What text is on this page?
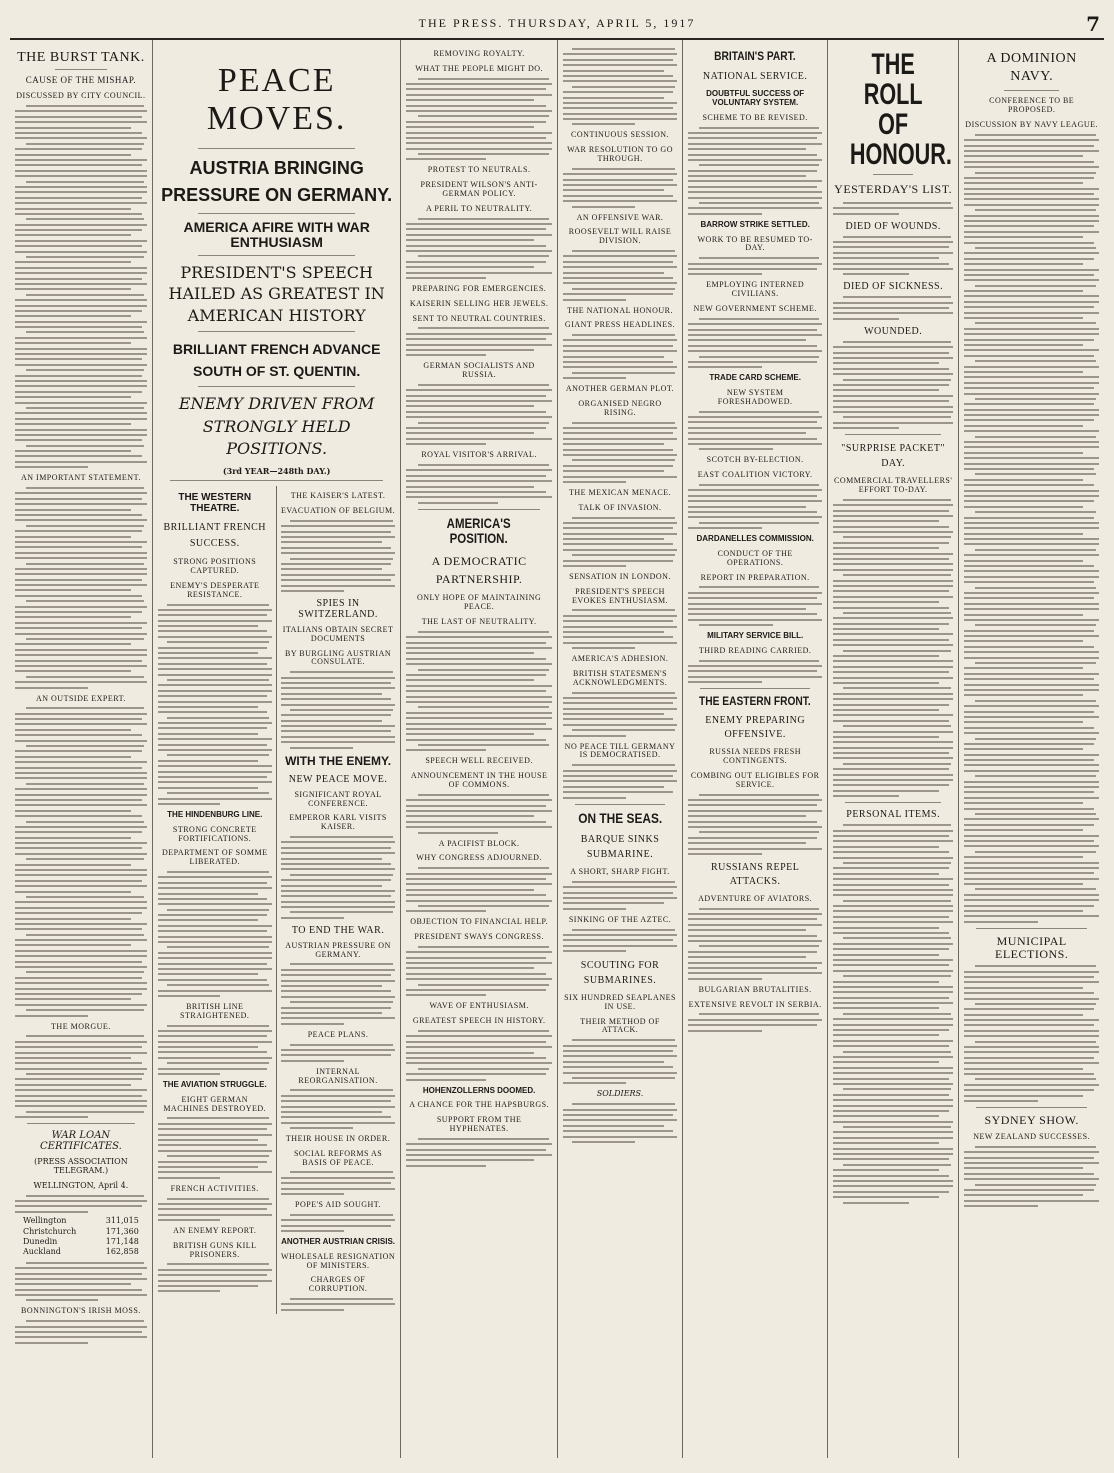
THE PRESS. THURSDAY, APRIL 5, 1917	7
THE BURST TANK.
CAUSE OF THE MISHAP.
DISCUSSED BY CITY COUNCIL.
AN IMPORTANT STATEMENT.
AN OUTSIDE EXPERT.
THE MORGUE.
WAR LOAN CERTIFICATES.
(PRESS ASSOCIATION TELEGRAM.)
WELLINGTON, April 4.
Wellington	311,015
Christchurch	171,360
Dunedin	171,148
Auckland	162,858
BONNINGTON'S IRISH MOSS.
PEACE MOVES.
AUSTRIA BRINGING PRESSURE ON GERMANY.
AMERICA AFIRE WITH WAR ENTHUSIASM
PRESIDENT'S SPEECH HAILED AS GREATEST IN AMERICAN HISTORY
BRILLIANT FRENCH ADVANCE SOUTH OF ST. QUENTIN.
ENEMY DRIVEN FROM STRONGLY HELD POSITIONS.
(3rd YEAR—248th DAY.)
THE WESTERN THEATRE.
BRILLIANT FRENCH SUCCESS.
STRONG POSITIONS CAPTURED.
ENEMY'S DESPERATE RESISTANCE.
THE HINDENBURG LINE.
STRONG CONCRETE FORTIFICATIONS.
DEPARTMENT OF SOMME LIBERATED.
BRITISH LINE STRAIGHTENED.
THE AVIATION STRUGGLE.
EIGHT GERMAN MACHINES DESTROYED.
FRENCH ACTIVITIES.
AN ENEMY REPORT.
BRITISH GUNS KILL PRISONERS.
THE KAISER'S LATEST.
EVACUATION OF BELGIUM.
SPIES IN SWITZERLAND.
ITALIANS OBTAIN SECRET DOCUMENTS
BY BURGLING AUSTRIAN CONSULATE.
WITH THE ENEMY.
NEW PEACE MOVE.
SIGNIFICANT ROYAL CONFERENCE.
EMPEROR KARL VISITS KAISER.
TO END THE WAR.
AUSTRIAN PRESSURE ON GERMANY.
PEACE PLANS.
INTERNAL REORGANISATION.
THEIR HOUSE IN ORDER.
SOCIAL REFORMS AS BASIS OF PEACE.
POPE'S AID SOUGHT.
ANOTHER AUSTRIAN CRISIS.
WHOLESALE RESIGNATION OF MINISTERS.
CHARGES OF CORRUPTION.
REMOVING ROYALTY.
WHAT THE PEOPLE MIGHT DO.
PROTEST TO NEUTRALS.
PRESIDENT WILSON'S ANTI-GERMAN POLICY.
A PERIL TO NEUTRALITY.
PREPARING FOR EMERGENCIES.
KAISERIN SELLING HER JEWELS.
SENT TO NEUTRAL COUNTRIES.
GERMAN SOCIALISTS AND RUSSIA.
ROYAL VISITOR'S ARRIVAL.
AMERICA'S POSITION.
A DEMOCRATIC PARTNERSHIP.
ONLY HOPE OF MAINTAINING PEACE.
THE LAST OF NEUTRALITY.
SPEECH WELL RECEIVED.
ANNOUNCEMENT IN THE HOUSE OF COMMONS.
A PACIFIST BLOCK.
WHY CONGRESS ADJOURNED.
OBJECTION TO FINANCIAL HELP.
PRESIDENT SWAYS CONGRESS.
WAVE OF ENTHUSIASM.
GREATEST SPEECH IN HISTORY.
HOHENZOLLERNS DOOMED.
A CHANCE FOR THE HAPSBURGS.
SUPPORT FROM THE HYPHENATES.
CONTINUOUS SESSION.
WAR RESOLUTION TO GO THROUGH.
AN OFFENSIVE WAR.
ROOSEVELT WILL RAISE DIVISION.
THE NATIONAL HONOUR.
GIANT PRESS HEADLINES.
ANOTHER GERMAN PLOT.
ORGANISED NEGRO RISING.
THE MEXICAN MENACE.
TALK OF INVASION.
SENSATION IN LONDON.
PRESIDENT'S SPEECH EVOKES ENTHUSIASM.
AMERICA'S ADHESION.
BRITISH STATESMEN'S ACKNOWLEDGMENTS.
NO PEACE TILL GERMANY IS DEMOCRATISED.
ON THE SEAS.
BARQUE SINKS SUBMARINE.
A SHORT, SHARP FIGHT.
SINKING OF THE AZTEC.
SCOUTING FOR SUBMARINES.
SIX HUNDRED SEAPLANES IN USE.
THEIR METHOD OF ATTACK.
SOLDIERS.
BRITAIN'S PART.
NATIONAL SERVICE.
DOUBTFUL SUCCESS OF VOLUNTARY SYSTEM.
SCHEME TO BE REVISED.
BARROW STRIKE SETTLED.
WORK TO BE RESUMED TO-DAY.
EMPLOYING INTERNED CIVILIANS.
NEW GOVERNMENT SCHEME.
TRADE CARD SCHEME.
NEW SYSTEM FORESHADOWED.
SCOTCH BY-ELECTION.
EAST COALITION VICTORY.
DARDANELLES COMMISSION.
CONDUCT OF THE OPERATIONS.
REPORT IN PREPARATION.
MILITARY SERVICE BILL.
THIRD READING CARRIED.
THE EASTERN FRONT.
ENEMY PREPARING OFFENSIVE.
RUSSIA NEEDS FRESH CONTINGENTS.
COMBING OUT ELIGIBLES FOR SERVICE.
RUSSIANS REPEL ATTACKS.
ADVENTURE OF AVIATORS.
BULGARIAN BRUTALITIES.
EXTENSIVE REVOLT IN SERBIA.
THE ROLL OF HONOUR.
YESTERDAY'S LIST.
DIED OF WOUNDS.
DIED OF SICKNESS.
WOUNDED.
"SURPRISE PACKET" DAY.
COMMERCIAL TRAVELLERS' EFFORT TO-DAY.
PERSONAL ITEMS.
A DOMINION NAVY.
CONFERENCE TO BE PROPOSED.
DISCUSSION BY NAVY LEAGUE.
MUNICIPAL ELECTIONS.
SYDNEY SHOW.
NEW ZEALAND SUCCESSES.
